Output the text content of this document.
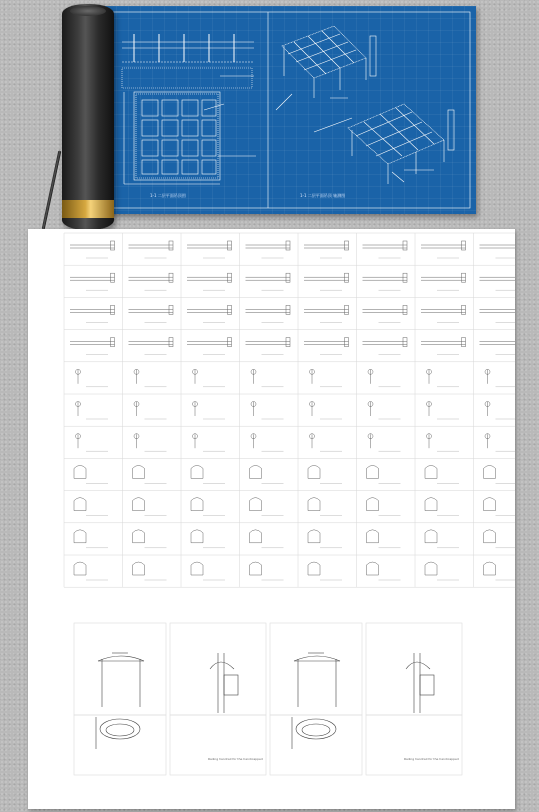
1-1 二层平面吊顶图	1-1 二层平面吊顶 轴测图
Railing handrail for the handicapped	Railing handrail for the handicapped
